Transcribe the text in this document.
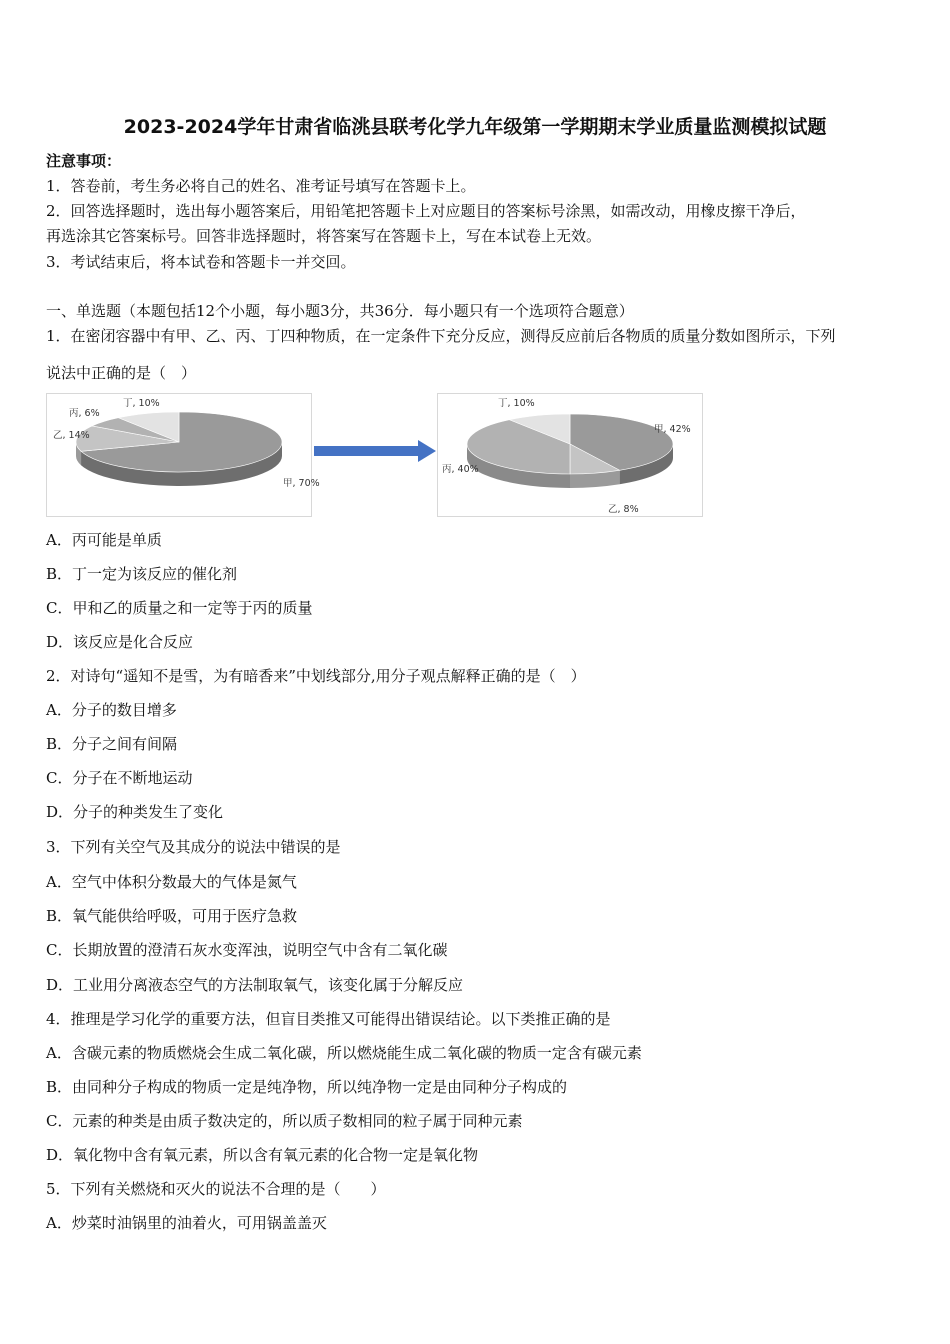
2023-2024学年甘肃省临洮县联考化学九年级第一学期期末学业质量监测模拟试题
注意事项：
1．答卷前，考生务必将自己的姓名、准考证号填写在答题卡上。
2．回答选择题时，选出每小题答案后，用铅笔把答题卡上对应题目的答案标号涂黑，如需改动，用橡皮擦干净后，
再选涂其它答案标号。回答非选择题时，将答案写在答题卡上，写在本试卷上无效。
3．考试结束后，将本试卷和答题卡一并交回。
一、单选题（本题包括12个小题，每小题3分，共36分．每小题只有一个选项符合题意）
1．在密闭容器中有甲、乙、丙、丁四种物质，在一定条件下充分反应，测得反应前后各物质的质量分数如图所示，下列
说法中正确的是（　）
甲, 70%
乙, 14%
丙, 6%
丁, 10%
甲, 42%
乙, 8%
丙, 40%
丁, 10%
A．丙可能是单质
B．丁一定为该反应的催化剂
C．甲和乙的质量之和一定等于丙的质量
D．该反应是化合反应
2．对诗句“遥知不是雪，为有暗香来”中划线部分,用分子观点解释正确的是（　）
A．分子的数目增多
B．分子之间有间隔
C．分子在不断地运动
D．分子的种类发生了变化
3．下列有关空气及其成分的说法中错误的是
A．空气中体积分数最大的气体是氮气
B．氧气能供给呼吸，可用于医疗急救
C．长期放置的澄清石灰水变浑浊，说明空气中含有二氧化碳
D．工业用分离液态空气的方法制取氧气，该变化属于分解反应
4．推理是学习化学的重要方法，但盲目类推又可能得出错误结论。以下类推正确的是
A．含碳元素的物质燃烧会生成二氧化碳，所以燃烧能生成二氧化碳的物质一定含有碳元素
B．由同种分子构成的物质一定是纯净物，所以纯净物一定是由同种分子构成的
C．元素的种类是由质子数决定的，所以质子数相同的粒子属于同种元素
D．氧化物中含有氧元素，所以含有氧元素的化合物一定是氧化物
5．下列有关燃烧和灭火的说法不合理的是（　　）
A．炒菜时油锅里的油着火，可用锅盖盖灭
